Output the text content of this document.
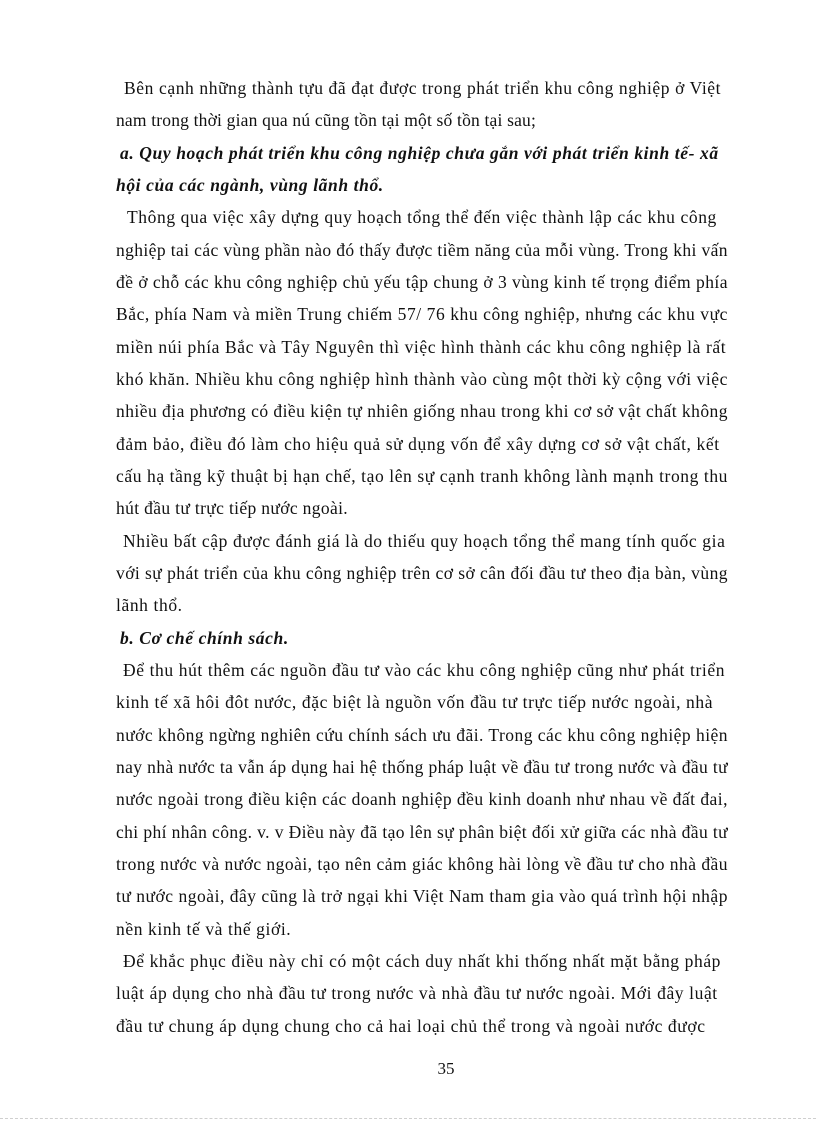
Bên cạnh những thành tựu đã đạt được trong phát triển khu công nghiệp ở Việt
nam trong thời gian qua nú cũng tồn tại một số tồn tại sau;
a. Quy hoạch phát triển khu công nghiệp chưa gắn với phát triển kinh tế- xã
hội của các ngành, vùng lãnh thổ.
Thông qua việc xây dựng quy hoạch tổng thể đến việc thành lập các khu công
nghiệp tai các vùng phần nào đó thấy được tiềm năng của mỗi vùng. Trong khi vấn
đề ở chỗ các khu công nghiệp chủ yếu tập chung ở 3 vùng kinh tế trọng điểm phía
Bắc, phía Nam và miền Trung chiếm 57/ 76 khu công nghiệp, nhưng các khu vực
miền núi phía Bắc và Tây Nguyên thì việc hình thành các khu công nghiệp là rất
khó khăn. Nhiều khu công nghiệp hình thành vào cùng một thời kỳ cộng với việc
nhiều địa phương có điều kiện tự nhiên giống nhau trong khi cơ sở vật chất không
đảm bảo, điều đó làm cho hiệu quả sử dụng vốn để xây dựng cơ sở vật chất, kết
cấu hạ tầng kỹ thuật bị hạn chế, tạo lên sự cạnh tranh không lành mạnh trong thu
hút đầu tư trực tiếp nước ngoài.
Nhiều bất cập được đánh giá là do thiếu quy hoạch tổng thể mang tính quốc gia
với sự phát triển của khu công nghiệp trên cơ sở cân đối đầu tư theo địa bàn, vùng
lãnh thổ.
b. Cơ chế chính sách.
Để thu hút thêm các nguồn đầu tư vào các khu công nghiệp cũng như phát triển
kinh tế xã hôi đôt nước, đặc biệt là nguồn vốn đầu tư trực tiếp nước ngoài, nhà
nước không ngừng nghiên cứu chính sách ưu đãi. Trong các khu công nghiệp hiện
nay nhà nước ta vẫn áp dụng hai hệ thống pháp luật về đầu tư trong nước và đầu tư
nước ngoài trong điều kiện các doanh nghiệp đều kinh doanh như nhau về đất đai,
chi phí nhân công. v. v Điều này đã tạo lên sự phân biệt đối xử giữa các nhà đầu tư
trong nước và nước ngoài, tạo nên cảm giác không hài lòng về đầu tư cho nhà đầu
tư nước ngoài, đây cũng là trở ngại khi Việt Nam tham gia vào quá trình hội nhập
nền kinh tế và thế giới.
Để khắc phục điều này chỉ có một cách duy nhất khi thống nhất mặt bằng pháp
luật áp dụng cho nhà đầu tư trong nước và nhà đầu tư nước ngoài. Mới đây luật
đầu tư chung áp dụng chung cho cả hai loại chủ thể trong và ngoài nước được
35
